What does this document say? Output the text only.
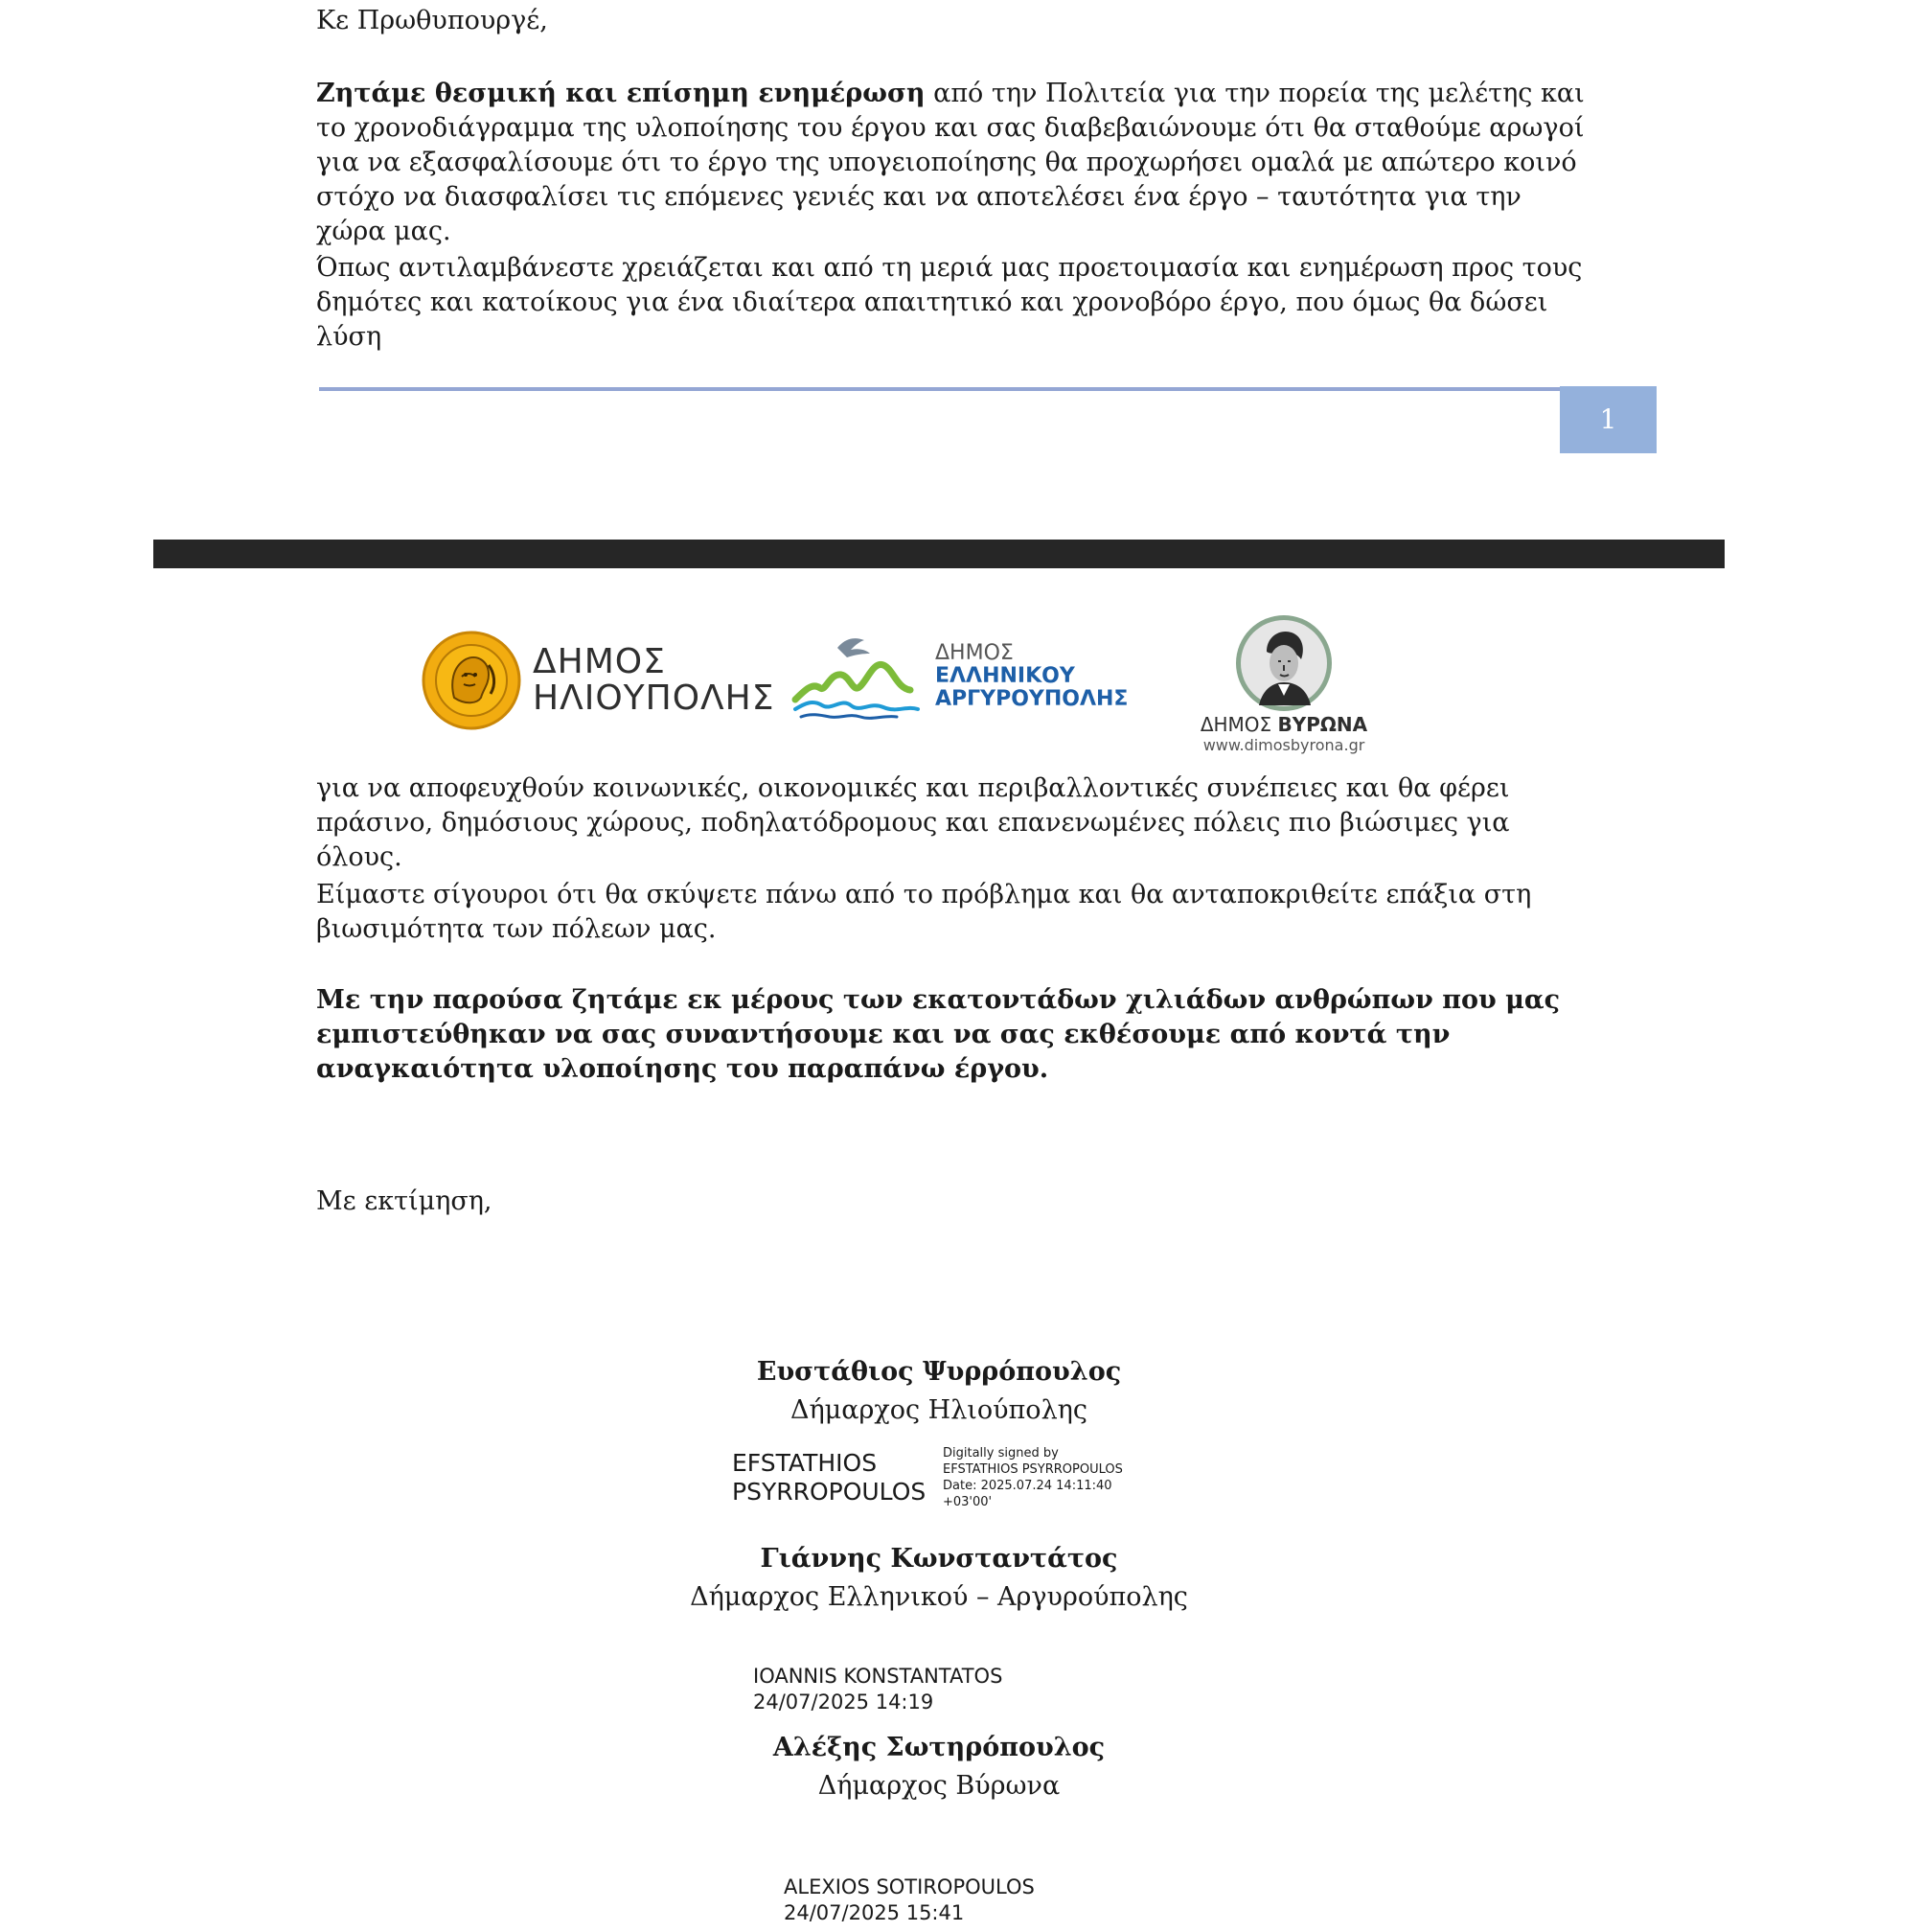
Κε Πρωθυπουργέ,
Ζητάμε θεσμική και επίσημη ενημέρωση από την Πολιτεία για την πορεία της μελέτης και το χρονοδιάγραμμα της υλοποίησης του έργου και σας διαβεβαιώνουμε ότι θα σταθούμε αρωγοί για να εξασφαλίσουμε ότι το έργο της υπογειοποίησης θα προχωρήσει ομαλά με απώτερο κοινό στόχο να διασφαλίσει τις επόμενες γενιές και να αποτελέσει ένα έργο – ταυτότητα για την χώρα μας.
Όπως αντιλαμβάνεστε χρειάζεται και από τη μεριά μας προετοιμασία και ενημέρωση προς τους δημότες και κατοίκους για ένα ιδιαίτερα απαιτητικό και χρονοβόρο έργο, που όμως θα δώσει λύση
1
ΔΗΜΟΣ
ΗΛΙΟΥΠΟΛΗΣ
ΔΗΜΟΣ
ΕΛΛΗΝΙΚΟΥ
ΑΡΓΥΡΟΥΠΟΛΗΣ
ΔΗΜΟΣ ΒΥΡΩΝΑ
www.dimosbyrona.gr
για να αποφευχθούν κοινωνικές, οικονομικές και περιβαλλοντικές συνέπειες και θα φέρει πράσινο, δημόσιους χώρους, ποδηλατόδρομους και επανενωμένες πόλεις πιο βιώσιμες για όλους.
Είμαστε σίγουροι ότι θα σκύψετε πάνω από το πρόβλημα και θα ανταποκριθείτε επάξια στη βιωσιμότητα των πόλεων μας.
Με την παρούσα ζητάμε εκ μέρους των εκατοντάδων χιλιάδων ανθρώπων που μας εμπιστεύθηκαν να σας συναντήσουμε και να σας εκθέσουμε από κοντά την αναγκαιότητα υλοποίησης του παραπάνω έργου.
Με εκτίμηση,
Ευστάθιος Ψυρρόπουλος
Δήμαρχος Ηλιούπολης
EFSTATHIOS
PSYRROPOULOS
Digitally signed by
EFSTATHIOS PSYRROPOULOS
Date: 2025.07.24 14:11:40
+03'00'
Γιάννης Κωνσταντάτος
Δήμαρχος Ελληνικού – Αργυρούπολης
IOANNIS KONSTANTATOS
24/07/2025 14:19
Αλέξης Σωτηρόπουλος
Δήμαρχος Βύρωνα
ALEXIOS SOTIROPOULOS
24/07/2025 15:41
